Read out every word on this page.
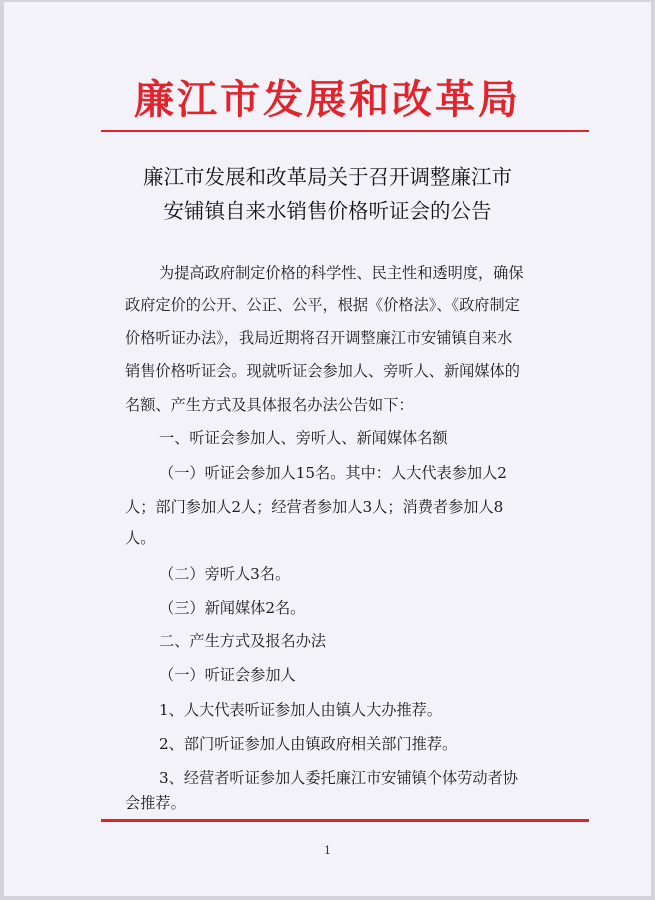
廉江市发展和改革局
廉江市发展和改革局关于召开调整廉江市
安铺镇自来水销售价格听证会的公告
为提高政府制定价格的科学性、民主性和透明度，确保
政府定价的公开、公正、公平，根据《价格法》、《政府制定
价格听证办法》，我局近期将召开调整廉江市安铺镇自来水
销售价格听证会。现就听证会参加人、旁听人、新闻媒体的
名额、产生方式及具体报名办法公告如下：
一、听证会参加人、旁听人、新闻媒体名额
（一）听证会参加人15名。其中：人大代表参加人2
人；部门参加人2人；经营者参加人3人；消费者参加人8
人。
（二）旁听人3名。
（三）新闻媒体2名。
二、产生方式及报名办法
（一）听证会参加人
1、人大代表听证参加人由镇人大办推荐。
2、部门听证参加人由镇政府相关部门推荐。
3、经营者听证参加人委托廉江市安铺镇个体劳动者协
会推荐。
1
